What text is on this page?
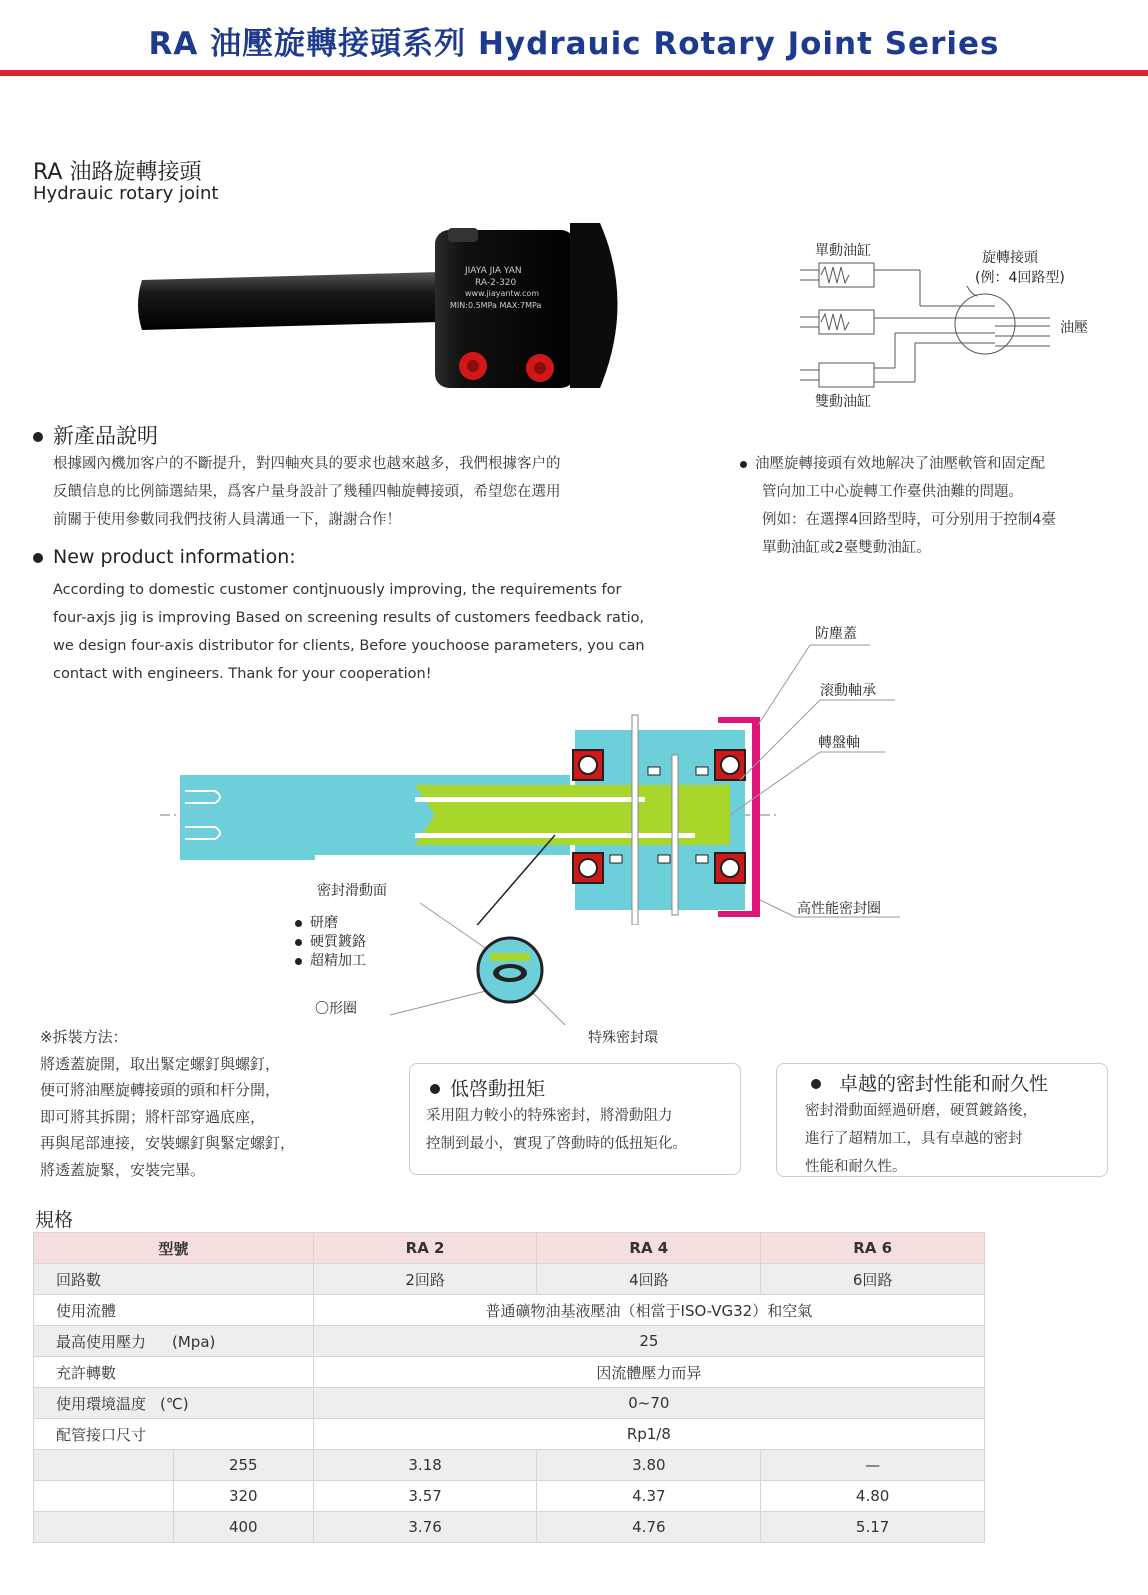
RA 油壓旋轉接頭系列 Hydrauic Rotary Joint Series
RA 油路旋轉接頭
Hydrauic rotary joint
JIAYA JIA YAN
RA-2-320
www.jiayantw.com
MIN:0.5MPa MAX:7MPa
單動油缸	旋轉接頭
(例：4回路型)
油壓
雙動油缸
新產品說明
根據國內機加客户的不斷提升，對四軸夾具的要求也越來越多，我們根據客户的
反饋信息的比例篩選結果，爲客户量身設計了幾種四軸旋轉接頭，希望您在選用
前關于使用參數同我們技術人員溝通一下，謝謝合作！
油壓旋轉接頭有效地解决了油壓軟管和固定配
管向加工中心旋轉工作臺供油難的問題。
例如：在選擇4回路型時，可分别用于控制4臺
單動油缸或2臺雙動油缸。
New product information:
According to domestic customer contjnuously improving, the requirements for
four-axjs jig is improving Based on screening results of customers feedback ratio,
we design four-axis distributor for clients, Before youchoose parameters, you can
contact with engineers. Thank for your cooperation!
防塵蓋
滚動軸承
轉盤軸
高性能密封圈
密封滑動面
研磨
硬質鍍鉻
超精加工
〇形圈
特殊密封環
※拆裝方法：
將透蓋旋開，取出緊定螺釘與螺釘，
便可將油壓旋轉接頭的頭和杆分開，
即可將其拆開；將杆部穿過底座，
再與尾部連接，安裝螺釘與緊定螺釘，
將透蓋旋緊，安裝完畢。
低啓動扭矩
采用阻力較小的特殊密封，將滑動阻力
控制到最小，實現了啓動時的低扭矩化。
卓越的密封性能和耐久性
密封滑動面經過研磨，硬質鍍鉻後，
進行了超精加工，具有卓越的密封
性能和耐久性。
規格
型號		RA 2	RA 4	RA 6
回路數		2回路	4回路	6回路
使用流體		普通礦物油基液壓油（相當于ISO-VG32）和空氣		
最高使用壓力 (Mpa)		25		
充許轉數		因流體壓力而异		
使用環境温度 (℃)		0~70		
配管接口尺寸		Rp1/8		
	255	3.18	3.80	—
	320	3.57	4.37	4.80
	400	3.76	4.76	5.17
